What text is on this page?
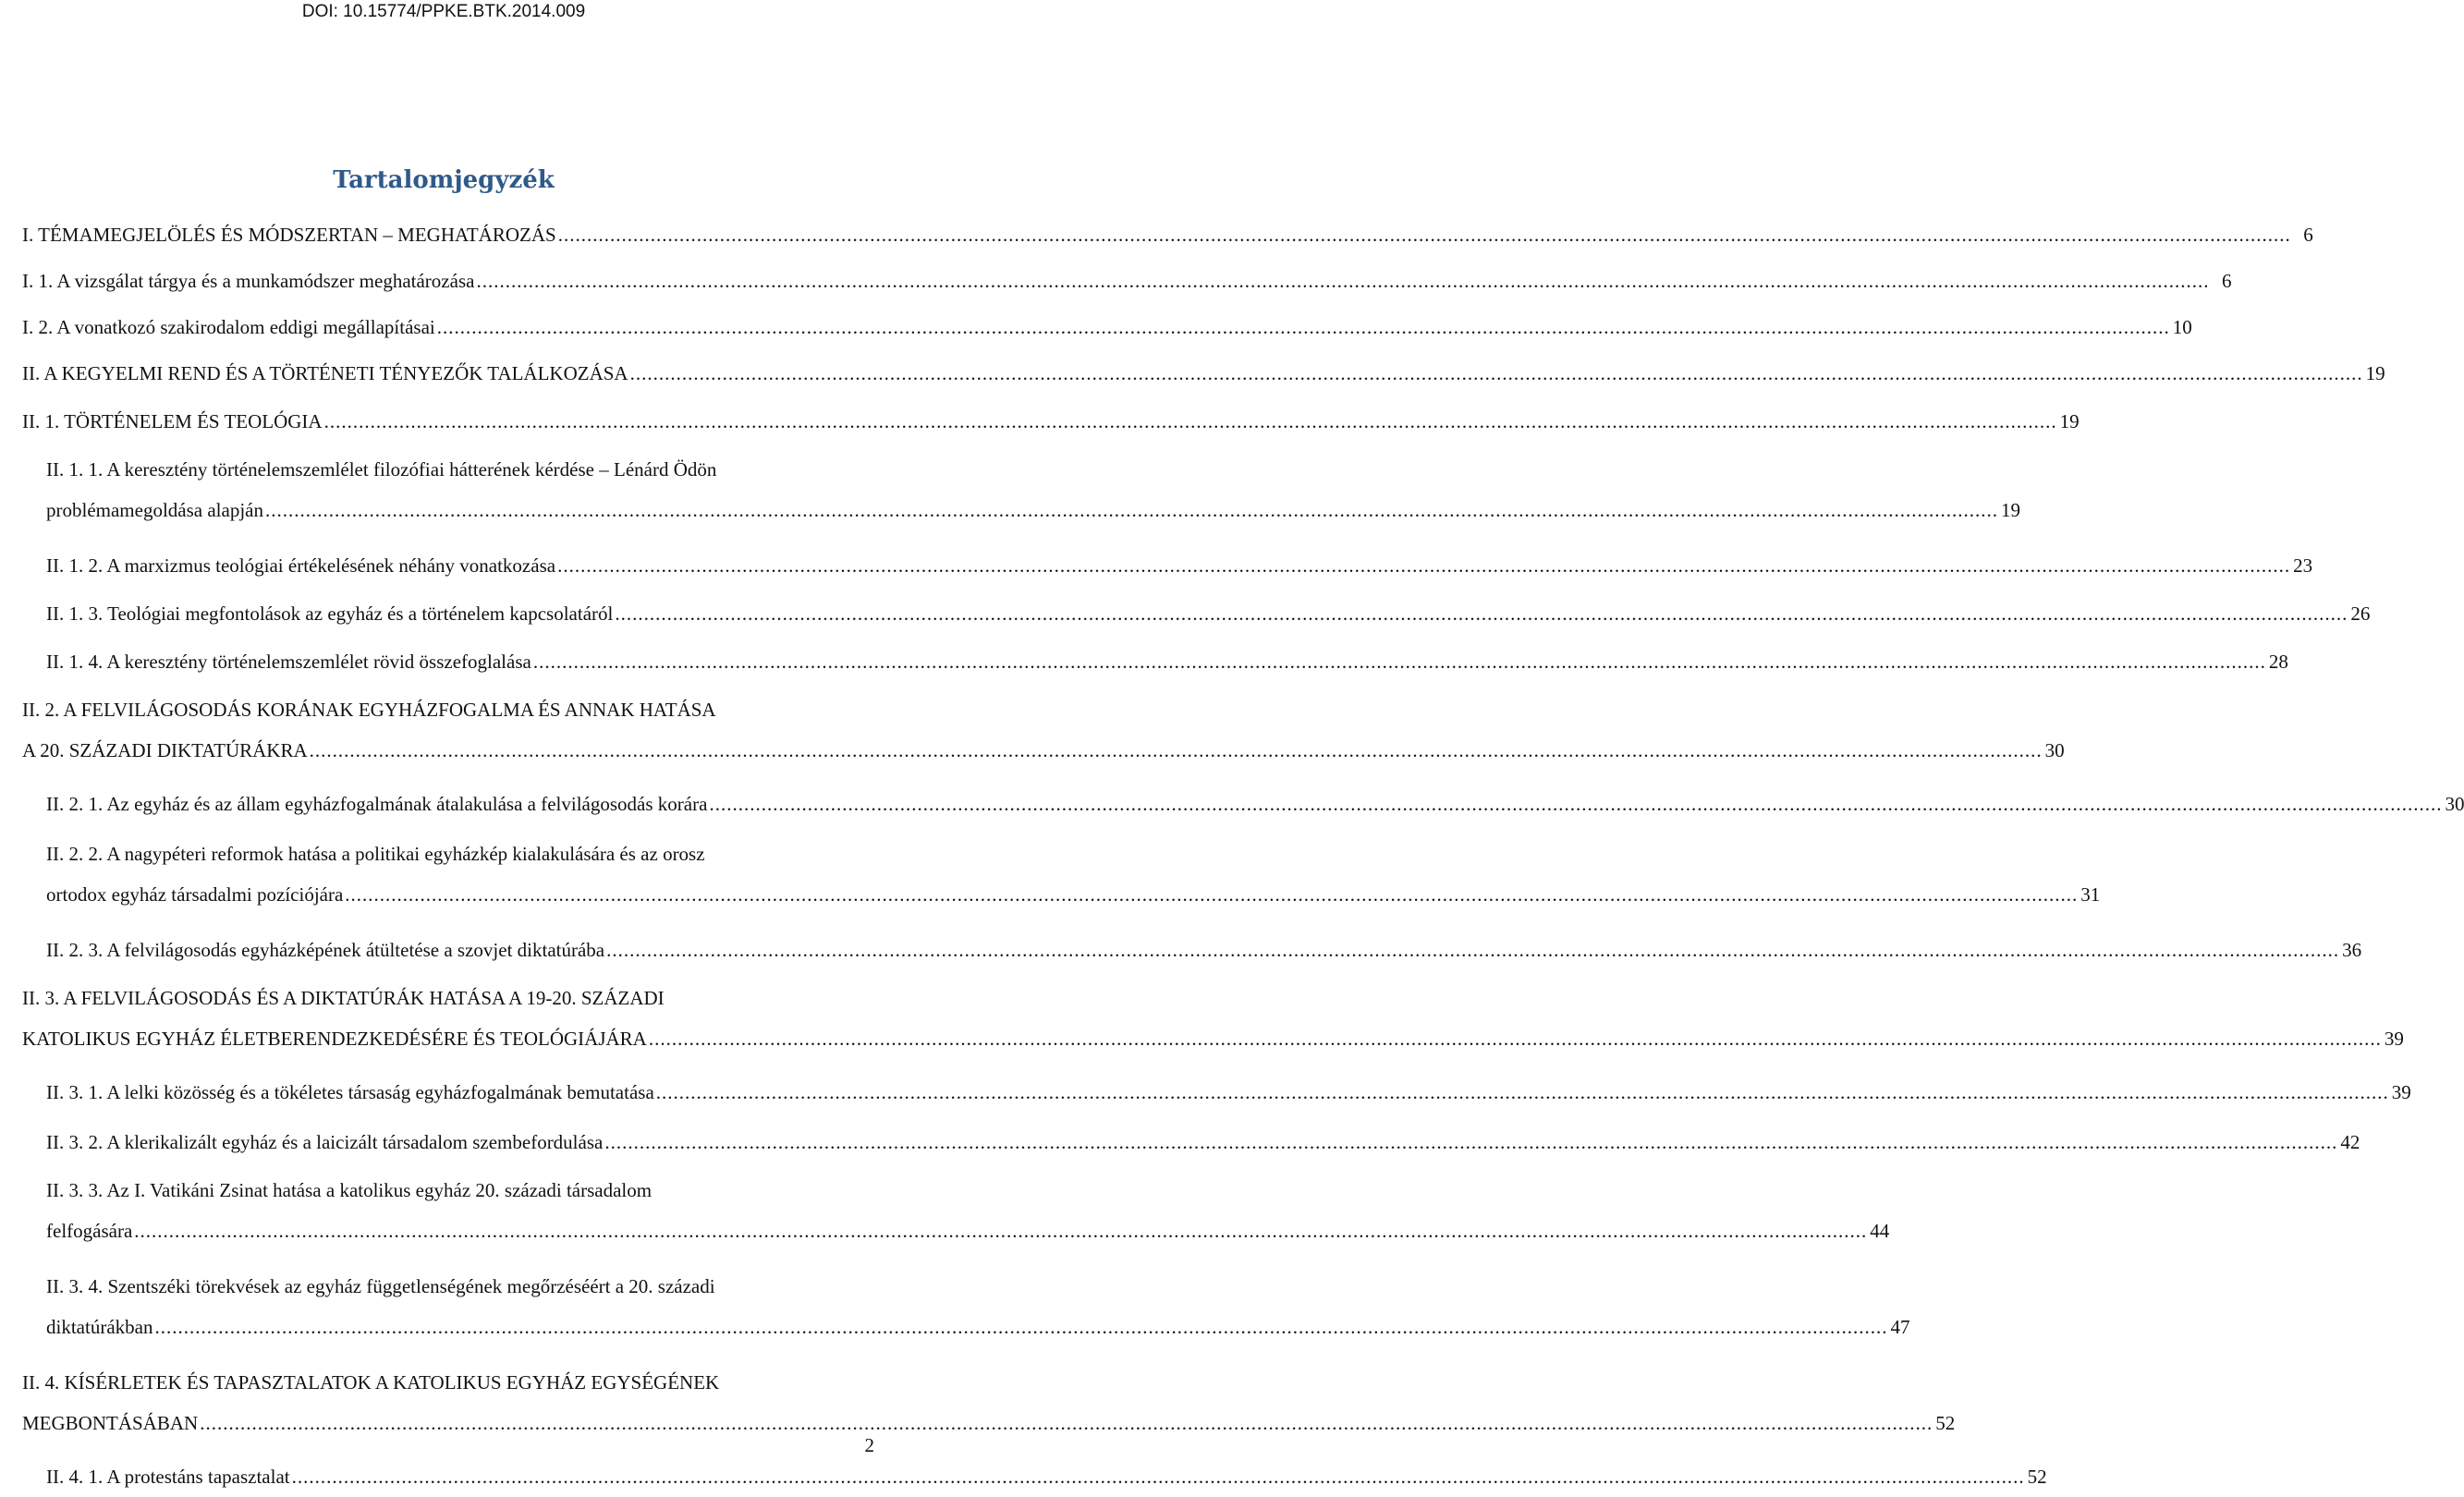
DOI: 10.15774/PPKE.BTK.2014.009
Tartalomjegyzék
I. TÉMAMEGJELÖLÉS ÉS MÓDSZERTAN – MEGHATÁROZÁS .....	6
I. 1. A vizsgálat tárgya és a munkamódszer meghatározása .....	6
I. 2. A vonatkozó szakirodalom eddigi megállapításai .....	10
II. A KEGYELMI REND ÉS A TÖRTÉNETI TÉNYEZŐK TALÁLKOZÁSA .....	19
II. 1. TÖRTÉNELEM ÉS TEOLÓGIA .....	19
II. 1. 1. A keresztény történelemszemlélet filozófiai hátterének kérdése – Lénárd Ödön
problémamegoldása alapján .....	19
II. 1. 2. A marxizmus teológiai értékelésének néhány vonatkozása .....	23
II. 1. 3. Teológiai megfontolások az egyház és a történelem kapcsolatáról .....	26
II. 1. 4. A keresztény történelemszemlélet rövid összefoglalása .....	28
II. 2. A FELVILÁGOSODÁS KORÁNAK EGYHÁZFOGALMA ÉS ANNAK HATÁSA
A 20. SZÁZADI DIKTATÚRÁKRA .....	30
II. 2. 1. Az egyház és az állam egyházfogalmának átalakulása a felvilágosodás korára .....	30
II. 2. 2. A nagypéteri reformok hatása a politikai egyházkép kialakulására és az orosz
ortodox egyház társadalmi pozíciójára .....	31
II. 2. 3. A felvilágosodás egyházképének átültetése a szovjet diktatúrába .....	36
II. 3. A FELVILÁGOSODÁS ÉS A DIKTATÚRÁK HATÁSA A 19-20. SZÁZADI
KATOLIKUS EGYHÁZ ÉLETBERENDEZKEDÉSÉRE ÉS TEOLÓGIÁJÁRA .....	39
II. 3. 1. A lelki közösség és a tökéletes társaság egyházfogalmának bemutatása .....	39
II. 3. 2. A klerikalizált egyház és a laicizált társadalom szembefordulása .....	42
II. 3. 3. Az I. Vatikáni Zsinat hatása a katolikus egyház 20. századi társadalom
felfogására .....	44
II. 3. 4. Szentszéki törekvések az egyház függetlenségének megőrzéséért a 20. századi
diktatúrákban .....	47
II. 4. KÍSÉRLETEK ÉS TAPASZTALATOK A KATOLIKUS EGYHÁZ EGYSÉGÉNEK
MEGBONTÁSÁBAN .....	52
II. 4. 1. A protestáns tapasztalat .....	52
2
